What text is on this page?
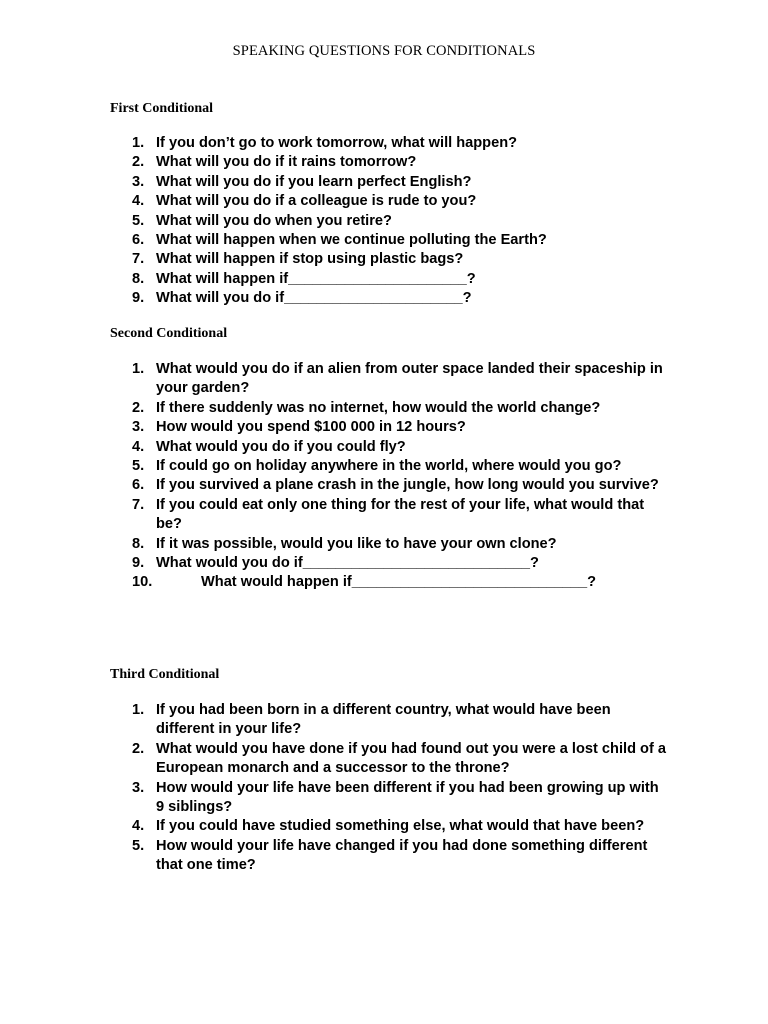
SPEAKING QUESTIONS FOR CONDITIONALS
First Conditional
1. If you don’t go to work tomorrow, what will happen?
2. What will you do if it rains tomorrow?
3. What will you do if you learn perfect English?
4. What will you do if a colleague is rude to you?
5. What will you do when you retire?
6. What will happen when we continue polluting the Earth?
7. What will happen if stop using plastic bags?
8. What will happen if______________________?
9. What will you do if______________________?
Second Conditional
1. What would you do if an alien from outer space landed their spaceship in your garden?
2. If there suddenly was no internet, how would the world change?
3. How would you spend $100 000 in 12 hours?
4. What would you do if you could fly?
5. If could go on holiday anywhere in the world, where would you go?
6. If you survived a plane crash in the jungle, how long would you survive?
7. If you could eat only one thing for the rest of your life, what would that be?
8. If it was possible, would you like to have your own clone?
9. What would you do if____________________________?
10.	What would happen if_____________________________?
Third Conditional
1. If you had been born in a different country, what would have been different in your life?
2. What would you have done if you had found out you were a lost child of a European monarch and a successor to the throne?
3. How would your life have been different if you had been growing up with 9 siblings?
4. If you could have studied something else, what would that have been?
5. How would your life have changed if you had done something different that one time?
